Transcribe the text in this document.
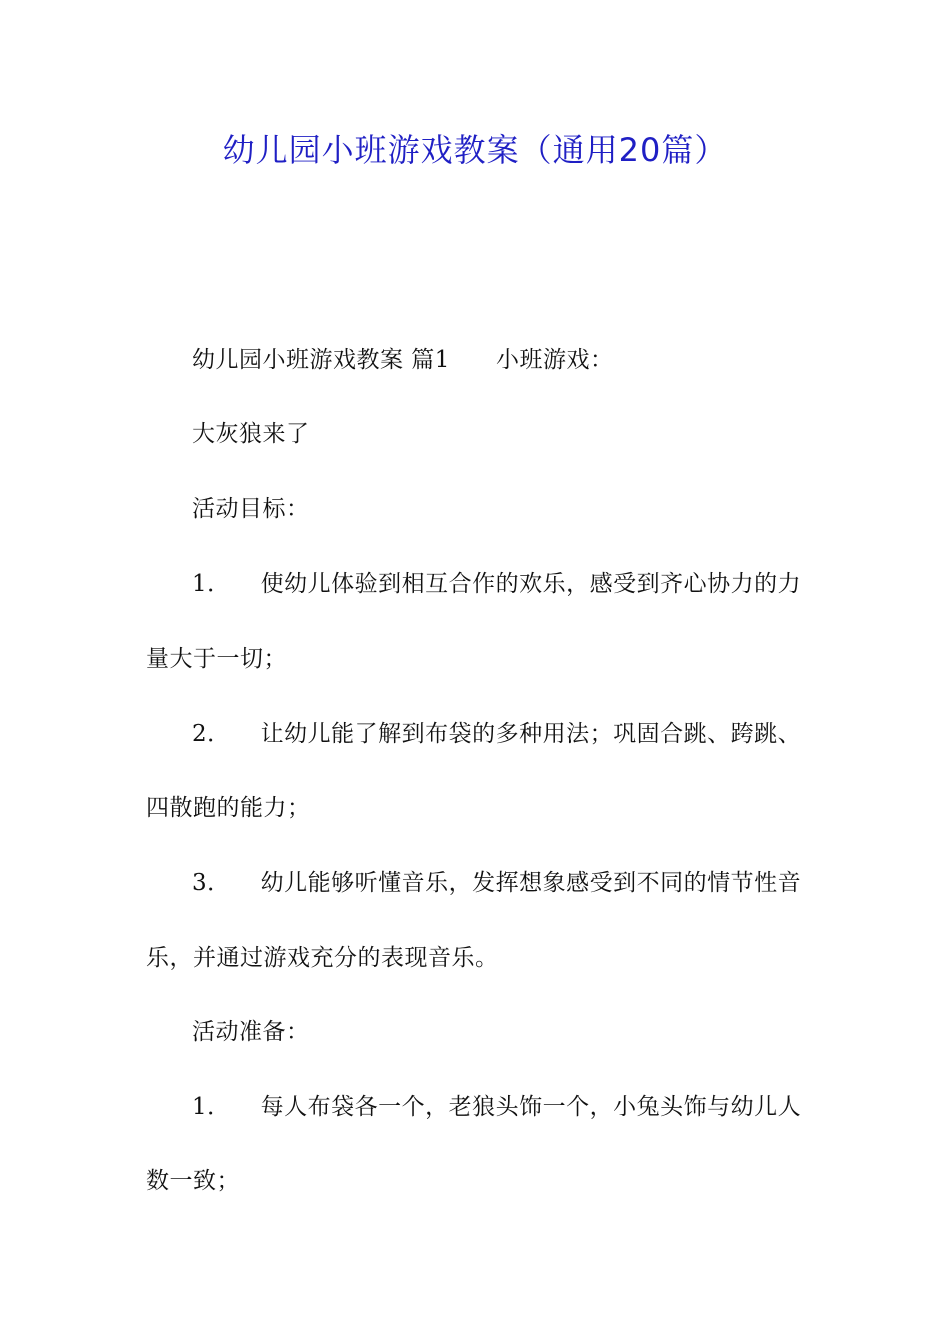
幼儿园小班游戏教案（通用20篇）
幼儿园小班游戏教案 篇1 小班游戏：
大灰狼来了
活动目标：
1． 使幼儿体验到相互合作的欢乐，感受到齐心协力的力
量大于一切；
2． 让幼儿能了解到布袋的多种用法；巩固合跳、跨跳、
四散跑的能力；
3． 幼儿能够听懂音乐，发挥想象感受到不同的情节性音
乐，并通过游戏充分的表现音乐。
活动准备：
1． 每人布袋各一个，老狼头饰一个，小兔头饰与幼儿人
数一致；
